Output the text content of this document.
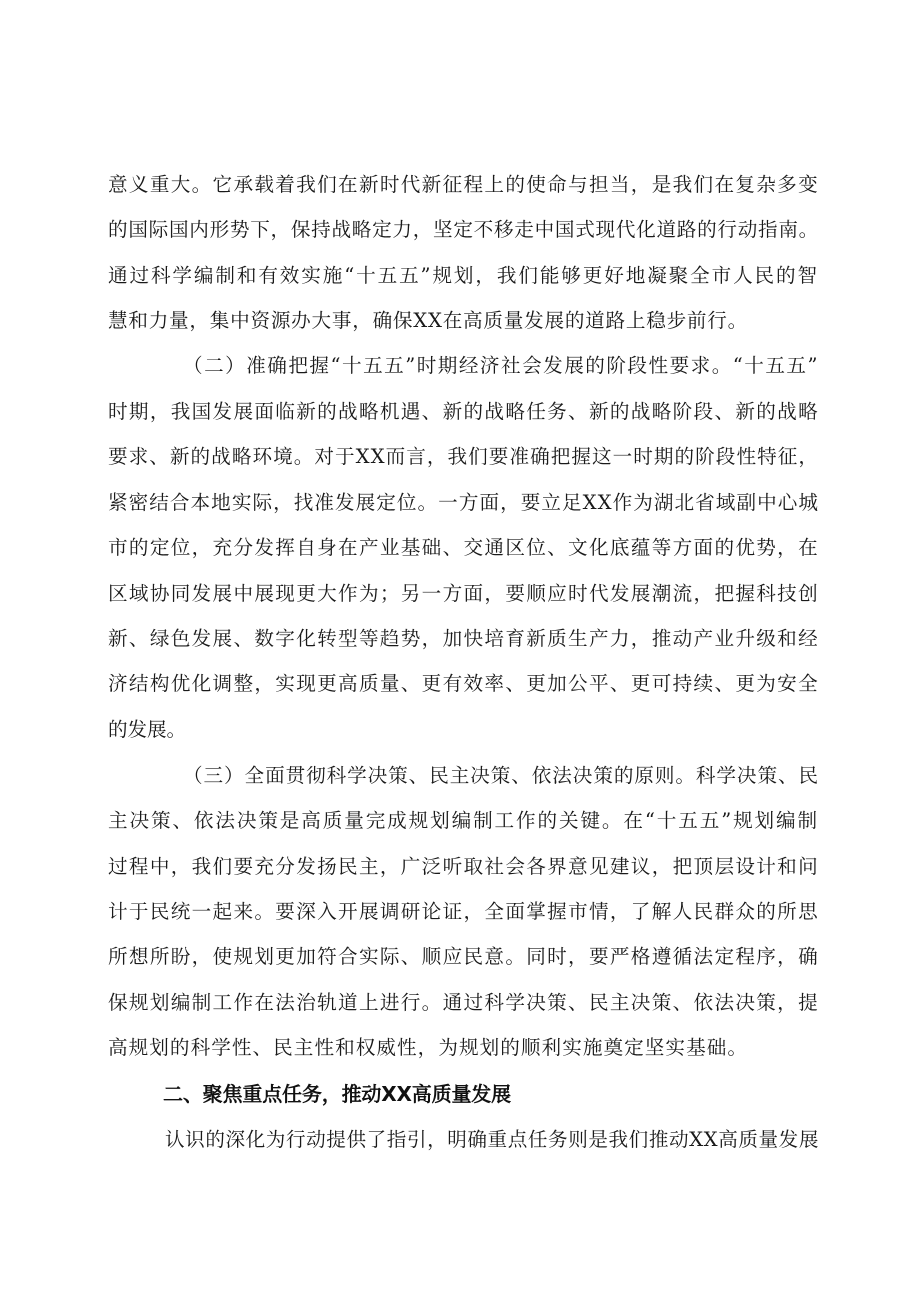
意义重大。它承载着我们在新时代新征程上的使命与担当，是我们在复杂多变
的国际国内形势下，保持战略定力，坚定不移走中国式现代化道路的行动指南。
通过科学编制和有效实施“十五五”规划，我们能够更好地凝聚全市人民的智
慧和力量，集中资源办大事，确保XX在高质量发展的道路上稳步前行。
（二）准确把握“十五五”时期经济社会发展的阶段性要求。“十五五”
时期，我国发展面临新的战略机遇、新的战略任务、新的战略阶段、新的战略
要求、新的战略环境。对于XX而言，我们要准确把握这一时期的阶段性特征，
紧密结合本地实际，找准发展定位。一方面，要立足XX作为湖北省域副中心城
市的定位，充分发挥自身在产业基础、交通区位、文化底蕴等方面的优势，在
区域协同发展中展现更大作为；另一方面，要顺应时代发展潮流，把握科技创
新、绿色发展、数字化转型等趋势，加快培育新质生产力，推动产业升级和经
济结构优化调整，实现更高质量、更有效率、更加公平、更可持续、更为安全
的发展。
（三）全面贯彻科学决策、民主决策、依法决策的原则。科学决策、民
主决策、依法决策是高质量完成规划编制工作的关键。在“十五五”规划编制
过程中，我们要充分发扬民主，广泛听取社会各界意见建议，把顶层设计和问
计于民统一起来。要深入开展调研论证，全面掌握市情，了解人民群众的所思
所想所盼，使规划更加符合实际、顺应民意。同时，要严格遵循法定程序，确
保规划编制工作在法治轨道上进行。通过科学决策、民主决策、依法决策，提
高规划的科学性、民主性和权威性，为规划的顺利实施奠定坚实基础。
二、聚焦重点任务，推动XX高质量发展
认识的深化为行动提供了指引，明确重点任务则是我们推动XX高质量发展
